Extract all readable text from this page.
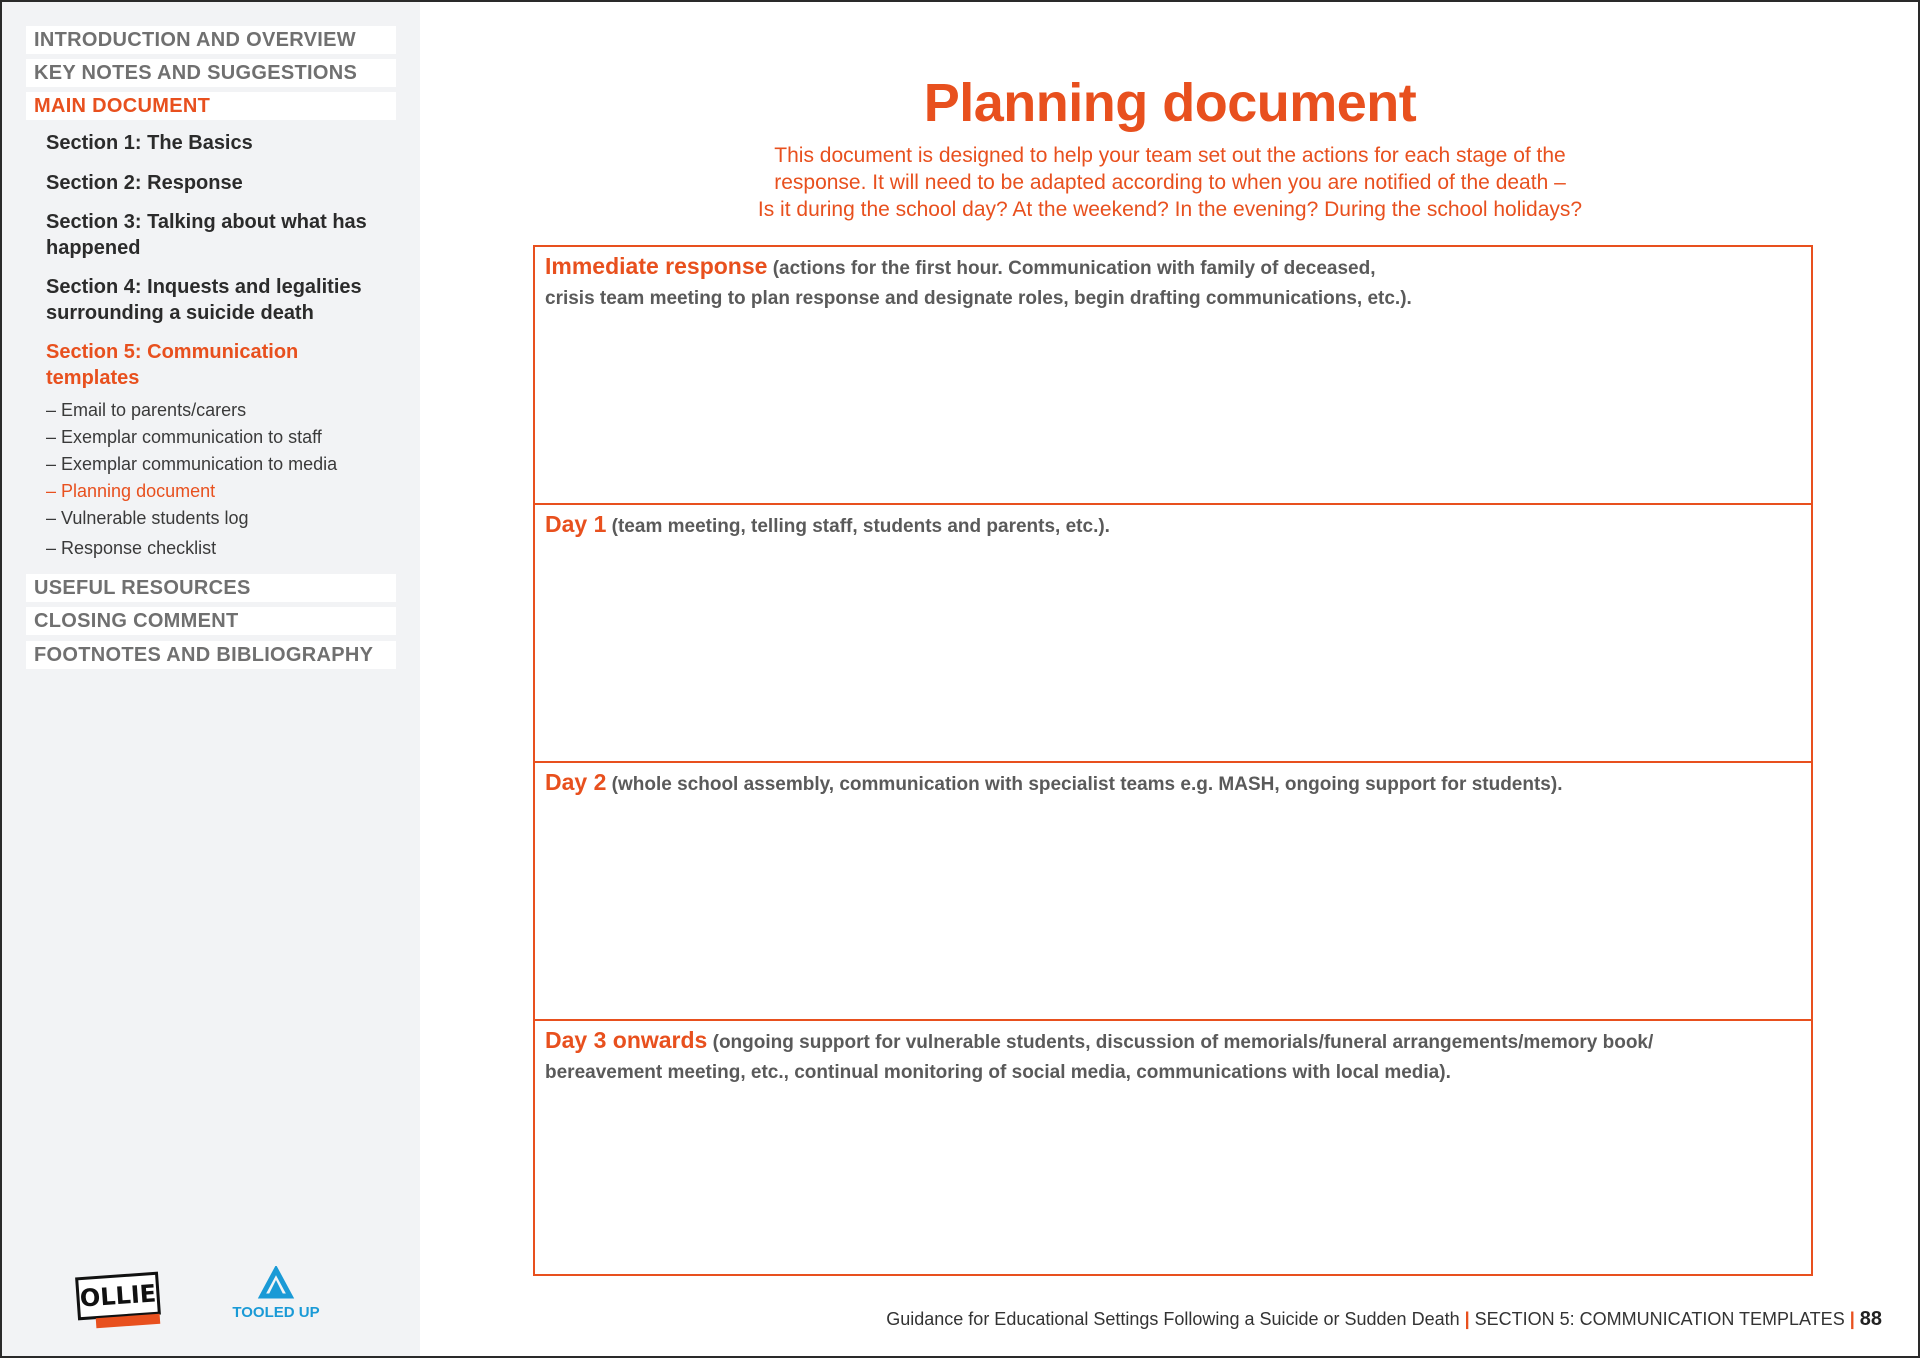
INTRODUCTION AND OVERVIEW
KEY NOTES AND SUGGESTIONS
MAIN DOCUMENT
Section 1: The Basics
Section 2: Response
Section 3: Talking about what has happened
Section 4: Inquests and legalities surrounding a suicide death
Section 5: Communication templates
– Email to parents/carers
– Exemplar communication to staff
– Exemplar communication to media
– Planning document
– Vulnerable students log
– Response checklist
USEFUL RESOURCES
CLOSING COMMENT
FOOTNOTES AND BIBLIOGRAPHY
OLLIE	TOOLED UP
Planning document
This document is designed to help your team set out the actions for each stage of the
response. It will need to be adapted according to when you are notified of the death –
Is it during the school day? At the weekend? In the evening? During the school holidays?
Immediate response (actions for the first hour. Communication with family of deceased,
crisis team meeting to plan response and designate roles, begin drafting communications, etc.).
Day 1 (team meeting, telling staff, students and parents, etc.).
Day 2 (whole school assembly, communication with specialist teams e.g. MASH, ongoing support for students).
Day 3 onwards (ongoing support for vulnerable students, discussion of memorials/funeral arrangements/memory book/
bereavement meeting, etc., continual monitoring of social media, communications with local media).
Guidance for Educational Settings Following a Suicide or Sudden Death | SECTION 5: COMMUNICATION TEMPLATES | 88
